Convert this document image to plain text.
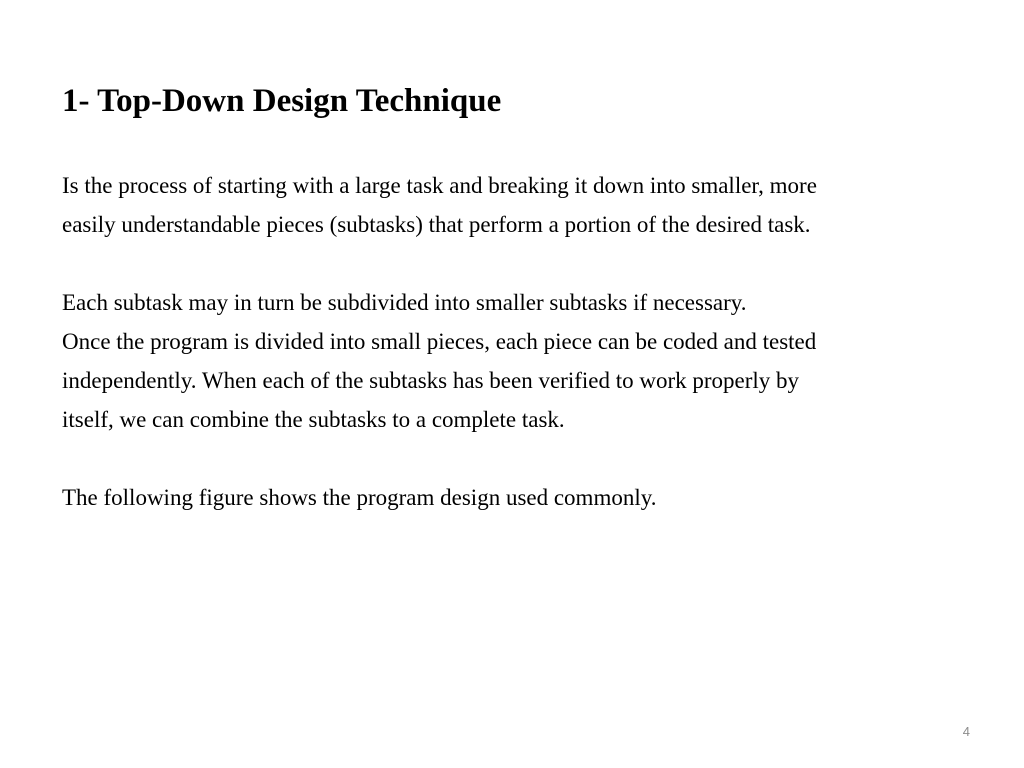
1- Top-Down Design Technique
Is the process of starting with a large task and breaking it down into smaller, more
easily understandable pieces (subtasks) that perform a portion of the desired task.
Each subtask may in turn be subdivided into smaller subtasks if necessary.
Once the program is divided into small pieces, each piece can be coded and tested
independently. When each of the subtasks has been verified to work properly by
itself, we can combine the subtasks to a complete task.
The following figure shows the program design used commonly.
4
